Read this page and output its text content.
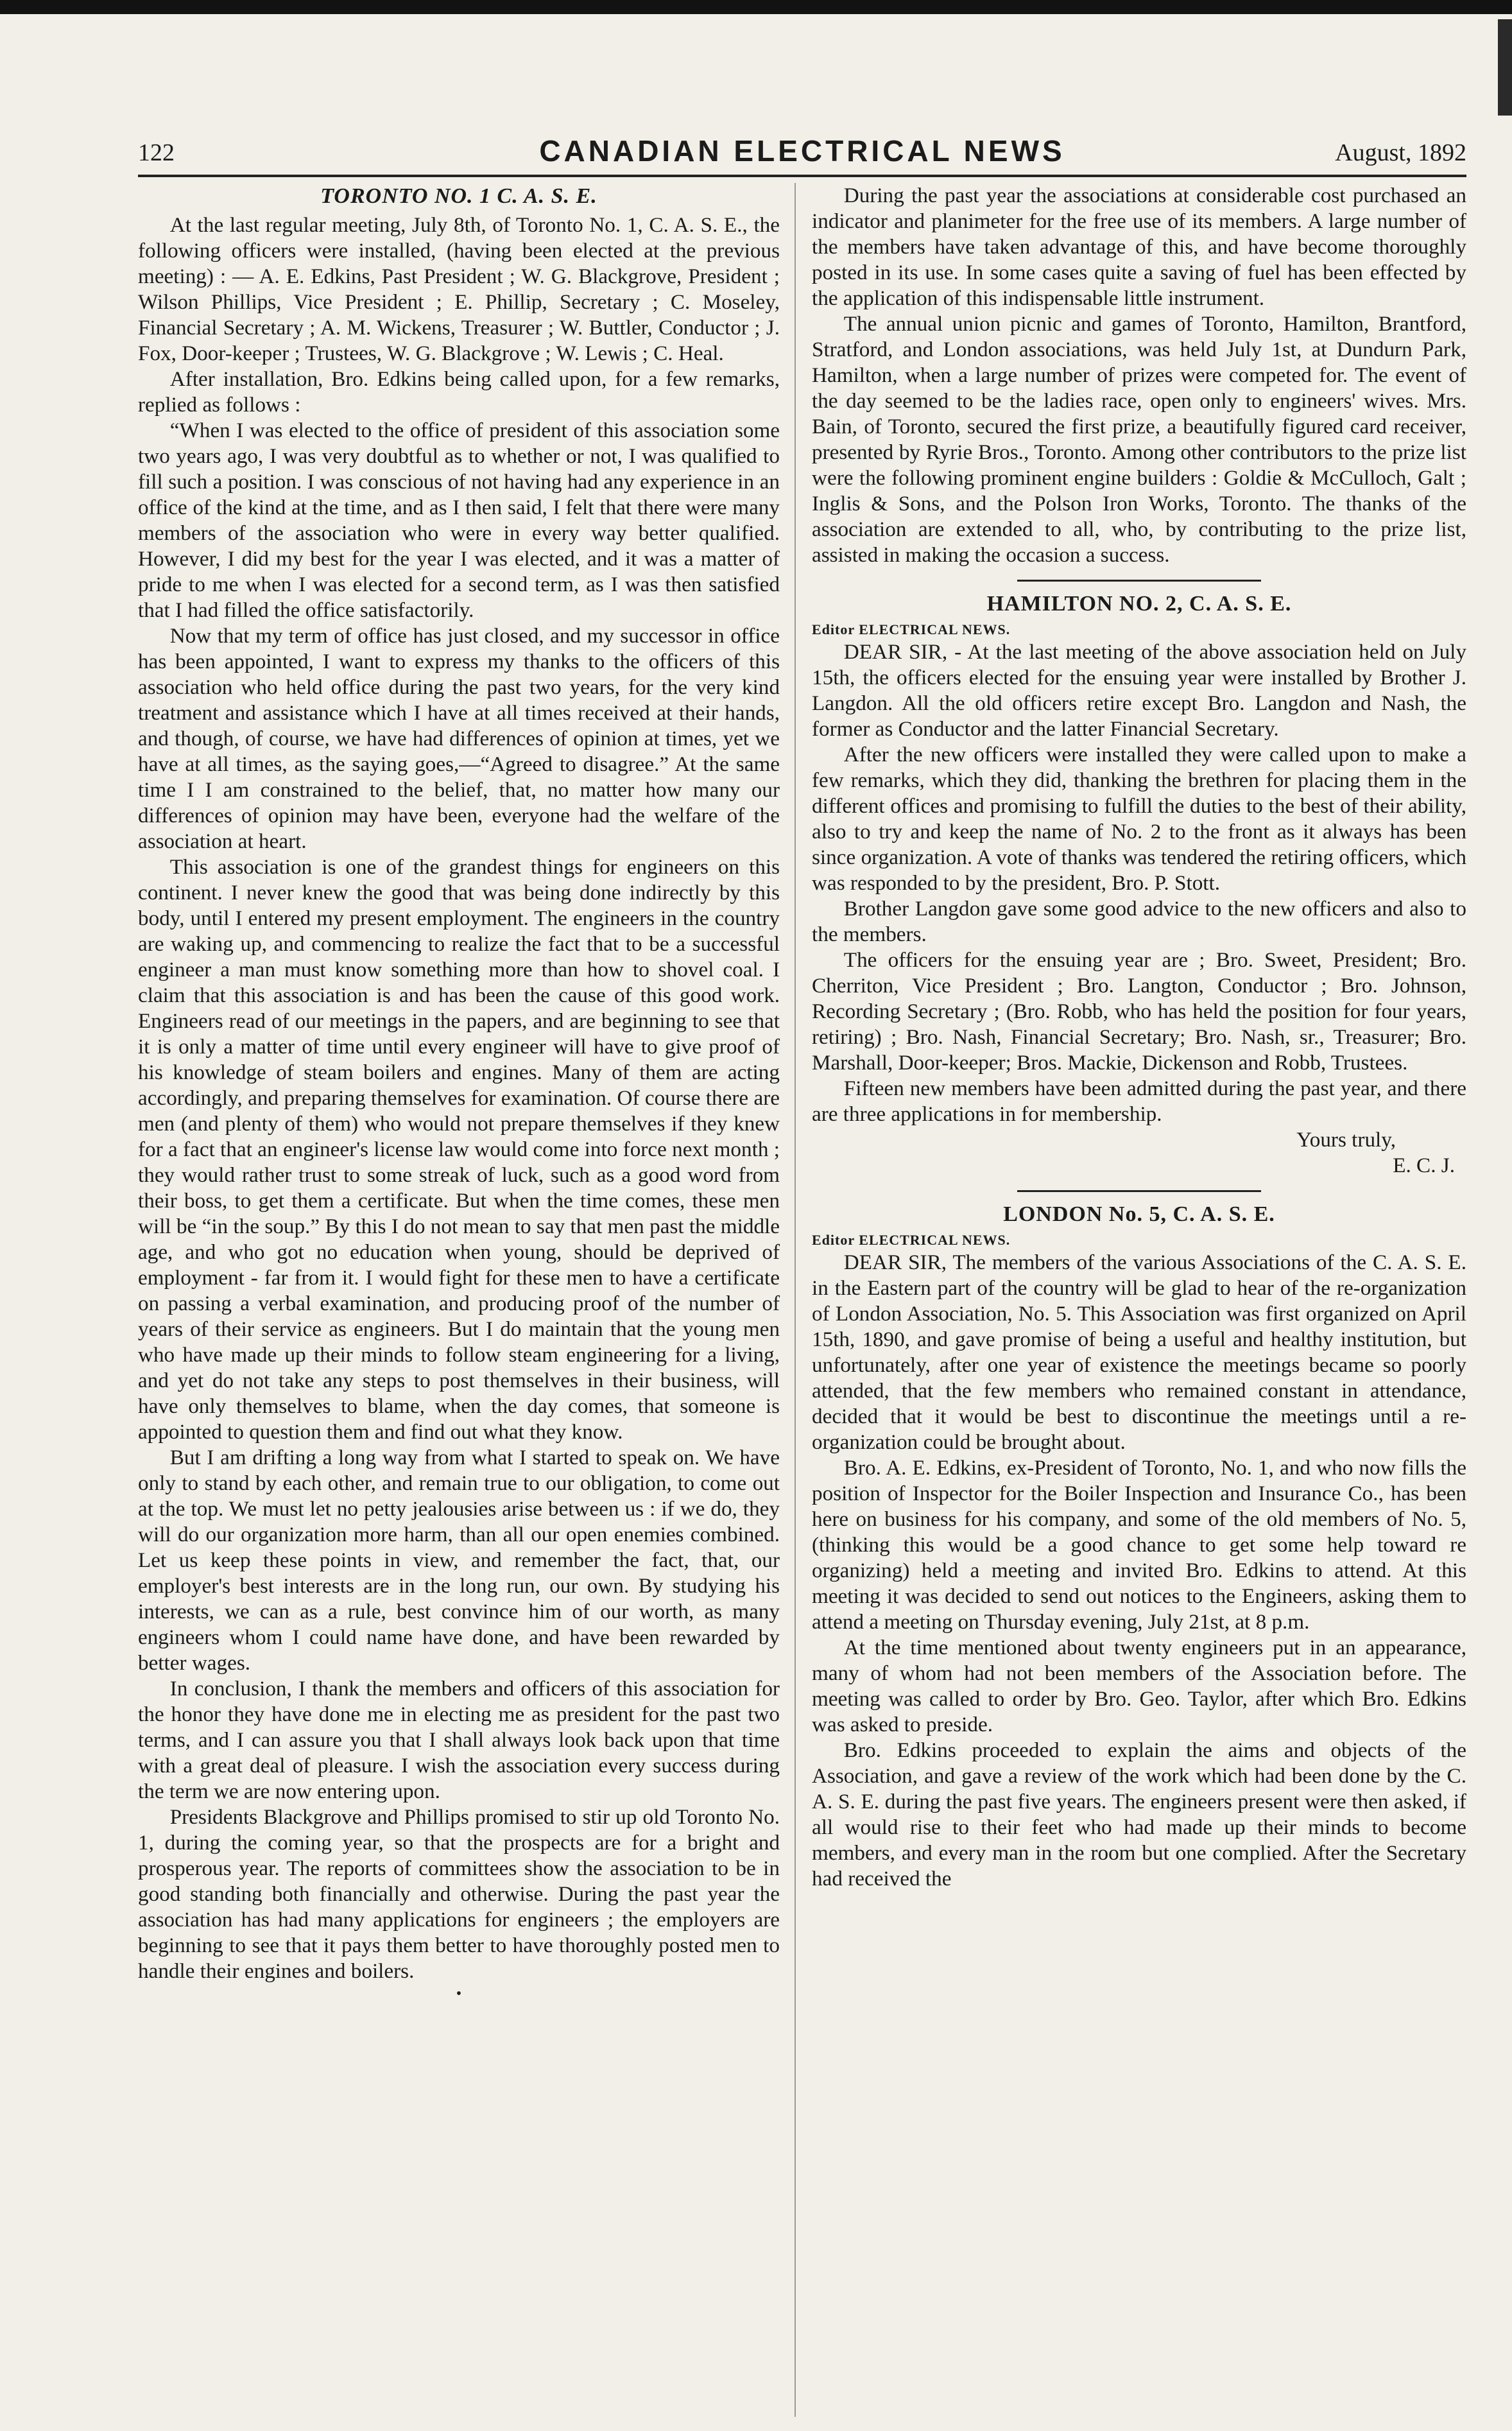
122	CANADIAN ELECTRICAL NEWS	August, 1892
TORONTO NO. 1 C. A. S. E.

At the last regular meeting, July 8th, of Toronto No. 1, C. A. S. E., the following officers were installed, (having been elected at the previous meeting) : — A. E. Edkins, Past President ; W. G. Blackgrove, President ; Wilson Phillips, Vice President ; E. Phillip, Secretary ; C. Moseley, Financial Secretary ; A. M. Wickens, Treasurer ; W. Buttler, Conductor ; J. Fox, Door-keeper ; Trustees, W. G. Blackgrove ; W. Lewis ; C. Heal.

After installation, Bro. Edkins being called upon, for a few remarks, replied as follows :

“When I was elected to the office of president of this association some two years ago, I was very doubtful as to whether or not, I was qualified to fill such a position. I was conscious of not having had any experience in an office of the kind at the time, and as I then said, I felt that there were many members of the association who were in every way better qualified. However, I did my best for the year I was elected, and it was a matter of pride to me when I was elected for a second term, as I was then satisfied that I had filled the office satisfactorily.

Now that my term of office has just closed, and my successor in office has been appointed, I want to express my thanks to the officers of this association who held office during the past two years, for the very kind treatment and assistance which I have at all times received at their hands, and though, of course, we have had differences of opinion at times, yet we have at all times, as the saying goes,—“Agreed to disagree.” At the same time I I am constrained to the belief, that, no matter how many our differences of opinion may have been, everyone had the welfare of the association at heart.

This association is one of the grandest things for engineers on this continent. I never knew the good that was being done indirectly by this body, until I entered my present employment. The engineers in the country are waking up, and commencing to realize the fact that to be a successful engineer a man must know something more than how to shovel coal. I claim that this association is and has been the cause of this good work. Engineers read of our meetings in the papers, and are beginning to see that it is only a matter of time until every engineer will have to give proof of his knowledge of steam boilers and engines. Many of them are acting accordingly, and preparing themselves for examination. Of course there are men (and plenty of them) who would not prepare themselves if they knew for a fact that an engineer's license law would come into force next month ; they would rather trust to some streak of luck, such as a good word from their boss, to get them a certificate. But when the time comes, these men will be “in the soup.” By this I do not mean to say that men past the middle age, and who got no education when young, should be deprived of employment - far from it. I would fight for these men to have a certificate on passing a verbal examination, and producing proof of the number of years of their service as engineers. But I do maintain that the young men who have made up their minds to follow steam engineering for a living, and yet do not take any steps to post themselves in their business, will have only themselves to blame, when the day comes, that someone is appointed to question them and find out what they know.

But I am drifting a long way from what I started to speak on. We have only to stand by each other, and remain true to our obligation, to come out at the top. We must let no petty jealousies arise between us : if we do, they will do our organization more harm, than all our open enemies combined. Let us keep these points in view, and remember the fact, that, our employer's best interests are in the long run, our own. By studying his interests, we can as a rule, best convince him of our worth, as many engineers whom I could name have done, and have been rewarded by better wages.

In conclusion, I thank the members and officers of this association for the honor they have done me in electing me as president for the past two terms, and I can assure you that I shall always look back upon that time with a great deal of pleasure. I wish the association every success during the term we are now entering upon.

Presidents Blackgrove and Phillips promised to stir up old Toronto No. 1, during the coming year, so that the prospects are for a bright and prosperous year. The reports of committees show the association to be in good standing both financially and otherwise. During the past year the association has had many applications for engineers ; the employers are beginning to see that it pays them better to have thoroughly posted men to handle their engines and boilers.

•

During the past year the associations at considerable cost purchased an indicator and planimeter for the free use of its members. A large number of the members have taken advantage of this, and have become thoroughly posted in its use. In some cases quite a saving of fuel has been effected by the application of this indispensable little instrument.

The annual union picnic and games of Toronto, Hamilton, Brantford, Stratford, and London associations, was held July 1st, at Dundurn Park, Hamilton, when a large number of prizes were competed for. The event of the day seemed to be the ladies race, open only to engineers' wives. Mrs. Bain, of Toronto, secured the first prize, a beautifully figured card receiver, presented by Ryrie Bros., Toronto. Among other contributors to the prize list were the following prominent engine builders : Goldie & McCulloch, Galt ; Inglis & Sons, and the Polson Iron Works, Toronto. The thanks of the association are extended to all, who, by contributing to the prize list, assisted in making the occasion a success.

HAMILTON NO. 2, C. A. S. E.
Editor ELECTRICAL NEWS.

DEAR SIR, - At the last meeting of the above association held on July 15th, the officers elected for the ensuing year were installed by Brother J. Langdon. All the old officers retire except Bro. Langdon and Nash, the former as Conductor and the latter Financial Secretary.

After the new officers were installed they were called upon to make a few remarks, which they did, thanking the brethren for placing them in the different offices and promising to fulfill the duties to the best of their ability, also to try and keep the name of No. 2 to the front as it always has been since organization. A vote of thanks was tendered the retiring officers, which was responded to by the president, Bro. P. Stott.

Brother Langdon gave some good advice to the new officers and also to the members.

The officers for the ensuing year are ; Bro. Sweet, President; Bro. Cherriton, Vice President ; Bro. Langton, Conductor ; Bro. Johnson, Recording Secretary ; (Bro. Robb, who has held the position for four years, retiring) ; Bro. Nash, Financial Secretary; Bro. Nash, sr., Treasurer; Bro. Marshall, Door-keeper; Bros. Mackie, Dickenson and Robb, Trustees.

Fifteen new members have been admitted during the past year, and there are three applications in for membership.

Yours truly,

E. C. J.

LONDON No. 5, C. A. S. E.
Editor ELECTRICAL NEWS.

DEAR SIR, The members of the various Associations of the C. A. S. E. in the Eastern part of the country will be glad to hear of the re-organization of London Association, No. 5. This Association was first organized on April 15th, 1890, and gave promise of being a useful and healthy institution, but unfortunately, after one year of existence the meetings became so poorly attended, that the few members who remained constant in attendance, decided that it would be best to discontinue the meetings until a re-organization could be brought about.

Bro. A. E. Edkins, ex-President of Toronto, No. 1, and who now fills the position of Inspector for the Boiler Inspection and Insurance Co., has been here on business for his company, and some of the old members of No. 5, (thinking this would be a good chance to get some help toward re organizing) held a meeting and invited Bro. Edkins to attend. At this meeting it was decided to send out notices to the Engineers, asking them to attend a meeting on Thursday evening, July 21st, at 8 p.m.

At the time mentioned about twenty engineers put in an appearance, many of whom had not been members of the Association before. The meeting was called to order by Bro. Geo. Taylor, after which Bro. Edkins was asked to preside.

Bro. Edkins proceeded to explain the aims and objects of the Association, and gave a review of the work which had been done by the C. A. S. E. during the past five years. The engineers present were then asked, if all would rise to their feet who had made up their minds to become members, and every man in the room but one complied. After the Secretary had received the
